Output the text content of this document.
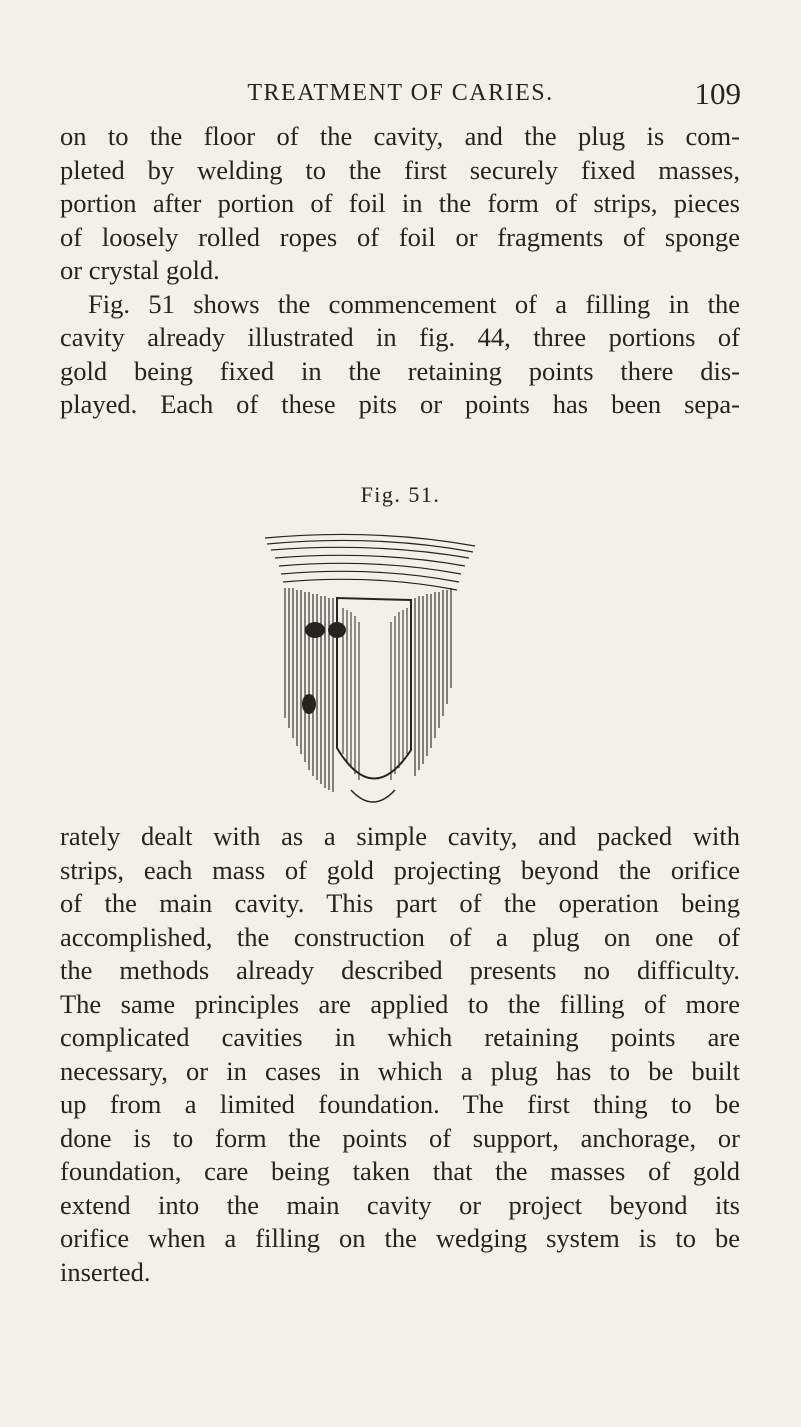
TREATMENT OF CARIES.	109
on to the floor of the cavity, and the plug is com-
pleted by welding to the first securely fixed masses,
portion after portion of foil in the form of strips, pieces
of loosely rolled ropes of foil or fragments of sponge
or crystal gold.
Fig. 51 shows the commencement of a filling in the
cavity already illustrated in fig. 44, three portions of
gold being fixed in the retaining points there dis-
played. Each of these pits or points has been sepa-
Fig. 51.
rately dealt with as a simple cavity, and packed with
strips, each mass of gold projecting beyond the orifice
of the main cavity. This part of the operation being
accomplished, the construction of a plug on one of
the methods already described presents no difficulty.
The same principles are applied to the filling of more
complicated cavities in which retaining points are
necessary, or in cases in which a plug has to be built
up from a limited foundation. The first thing to be
done is to form the points of support, anchorage, or
foundation, care being taken that the masses of gold
extend into the main cavity or project beyond its
orifice when a filling on the wedging system is to be
inserted.
